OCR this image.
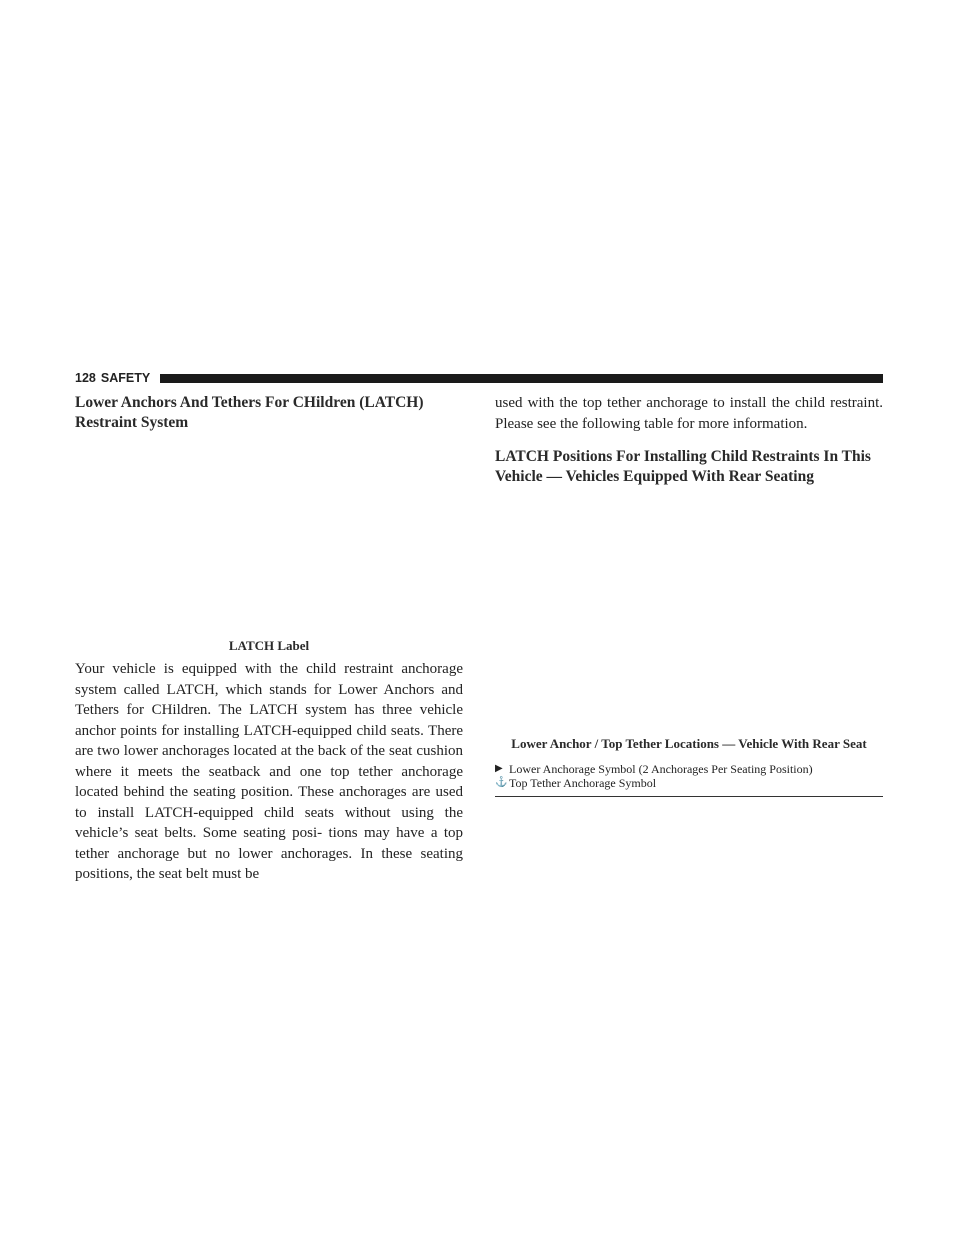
128 SAFETY
Lower Anchors And Tethers For CHildren (LATCH) Restraint System

LATCH Label

Your vehicle is equipped with the child restraint anchorage system called LATCH, which stands for Lower Anchors and Tethers for CHildren. The LATCH system has three vehicle anchor points for installing LATCH-equipped child seats. There are two lower anchorages located at the back of the seat cushion where it meets the seatback and one top tether anchorage located behind the seating position. These anchorages are used to install LATCH-equipped child seats without using the vehicle’s seat belts. Some seating posi- tions may have a top tether anchorage but no lower anchorages. In these seating positions, the seat belt must be

used with the top tether anchorage to install the child restraint. Please see the following table for more information.

LATCH Positions For Installing Child Restraints In This Vehicle — Vehicles Equipped With Rear Seating

Lower Anchor / Top Tether Locations — Vehicle With Rear Seat

▶ Lower Anchorage Symbol (2 Anchorages Per Seating Position)
⚓ Top Tether Anchorage Symbol
